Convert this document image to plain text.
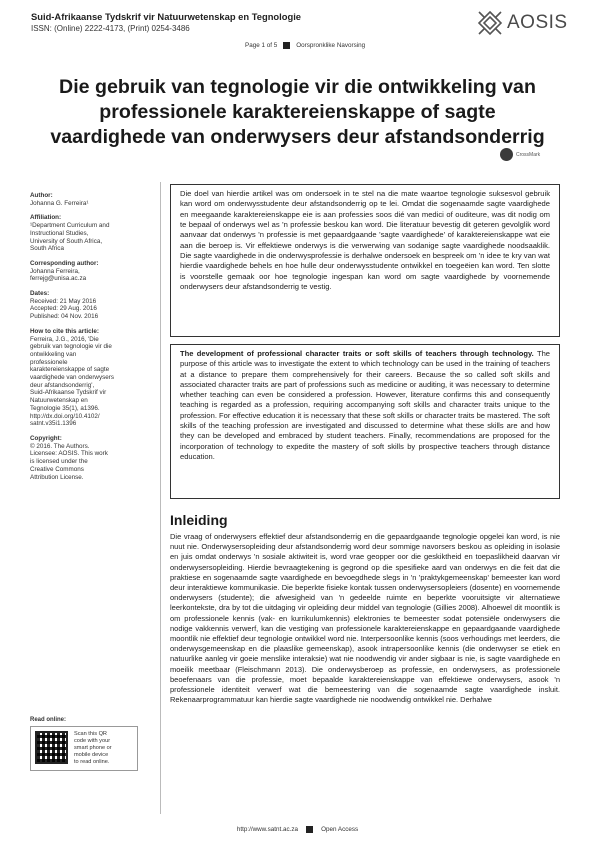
Suid-Afrikaanse Tydskrif vir Natuurwetenskap en Tegnologie
ISSN: (Online) 2222-4173, (Print) 0254-3486	AOSIS
Page 1 of 5	Oorspronklike Navorsing
Die gebruik van tegnologie vir die ontwikkeling van professionele karaktereienskappe of sagte vaardighede van onderwysers deur afstandsonderrig
CrossMark
Author:
Johanna G. Ferreira¹
Affiliation:
¹Department Curriculum and
Instructional Studies,
University of South Africa,
South Africa
Corresponding author:
Johanna Ferreira,
ferrejg@unisa.ac.za
Dates:
Received: 21 May 2016
Accepted: 29 Aug. 2016
Published: 04 Nov. 2016
How to cite this article:
Ferreira, J.G., 2016, 'Die
gebruik van tegnologie vir die
ontwikkeling van
professionele
karaktereienskappe of sagte
vaardighede van onderwysers
deur afstandsonderrig',
Suid-Afrikaanse Tydskrif vir
Natuurwetenskap en
Tegnologie 35(1), a1396.
http://dx.doi.org/10.4102/
satnt.v35i1.1396
Copyright:
© 2016. The Authors.
Licensee: AOSIS. This work
is licensed under the
Creative Commons
Attribution License.
Read online:
Scan this QR
code with your
smart phone or
mobile device
to read online.
Die doel van hierdie artikel was om ondersoek in te stel na die mate waartoe tegnologie suksesvol gebruik kan word om onderwysstudente deur afstandsonderrig op te lei. Omdat die sogenaamde sagte vaardighede en meegaande karaktereienskappe eie is aan professies soos dié van medici of ouditeure, was dit nodig om te bepaal of onderwys wel as 'n professie beskou kan word. Die literatuur bevestig dit geteren gevolglik word aanvaar dat onderwys 'n professie is met gepaardgaande 'sagte vaardighede' of karaktereienskappe wat eie aan die beroep is. Vir effektiewe onderwys is die verwerwing van sodanige sagte vaardighede noodsaaklik. Die sagte vaardighede in die onderwysprofessie is derhalwe ondersoek en bespreek om 'n idee te kry van wat hierdie vaardighede behels en hoe hulle deur onderwysstudente ontwikkel en toegeëien kan word. Ten slotte is voorstelle gemaak oor hoe tegnologie ingespan kan word om sagte vaardighede by voornemende onderwysers deur afstandsonderrig te vestig.
The development of professional character traits or soft skills of teachers through technology. The purpose of this article was to investigate the extent to which technology can be used in the training of teachers at a distance to prepare them comprehensively for their careers. Because the so called soft skills and associated character traits are part of professions such as medicine or auditing, it was necessary to determine whether teaching can even be considered a profession. However, literature confirms this and consequently teaching is regarded as a profession, requiring accompanying soft skills and character traits unique to the profession. For effective education it is necessary that these soft skills or character traits be mastered. The soft skills of the teaching profession are investigated and discussed to determine what these skills are and how they can be developed and embraced by student teachers. Finally, recommendations are proposed for the incorporation of technology to expedite the mastery of soft skills by prospective teachers through distance education.
Inleiding
Die vraag of onderwysers effektief deur afstandsonderrig en die gepaardgaande tegnologie opgelei kan word, is nie nuut nie. Onderwysersopleiding deur afstandsonderrig word deur sommige navorsers beskou as opleiding in isolasie en juis omdat onderwys 'n sosiale aktiwiteit is, word vrae geopper oor die geskiktheid en toepaslikheid daarvan vir onderwysersopleiding. Hierdie bevraagtekening is gegrond op die spesifieke aard van onderwys en die feit dat die praktiese en sogenaamde sagte vaardighede en bevoegdhede slegs in 'n 'praktykgemeenskap' bemeester kan word deur interaktiewe kommunikasie. Die beperkte fisieke kontak tussen onderwysersopleiers (dosente) en voornemende onderwysers (studente); die afwesigheid van 'n gedeelde ruimte en beperkte vooruitsigte vir alternatiewe leerkontekste, dra by tot die uitdaging vir opleiding deur middel van tegnologie (Gillies 2008). Alhoewel dit moontlik is om professionele kennis (vak- en kurrikulumkennis) elektronies te bemeester sodat potensiële onderwysers die nodige vakkennis verwerf, kan die vestiging van professionele karaktereienskappe en gepaardgaande vaardighede moontlik nie effektief deur tegnologie ontwikkel word nie. Interpersoonlike kennis (soos verhoudings met leerders, die onderwysgemeenskap en die plaaslike gemeenskap), asook intrapersoonlike kennis (die onderwyser se etiek en natuurlike aanleg vir goeie menslike interaksie) wat nie noodwendig vir ander sigbaar is nie, is sagte vaardighede en moeilik meetbaar (Fleischmann 2013). Die onderwysberoep as professie, en onderwysers, as professionele beoefenaars van die professie, moet bepaalde karaktereienskappe van effektiewe onderwysers, asook 'n professionele identiteit verwerf wat die bemeestering van die sogenaamde sagte vaardighede insluit. Rekenaarprogrammatuur kan hierdie sagte vaardighede nie noodwendig ontwikkel nie. Derhalwe
http://www.satnt.ac.za	Open Access
